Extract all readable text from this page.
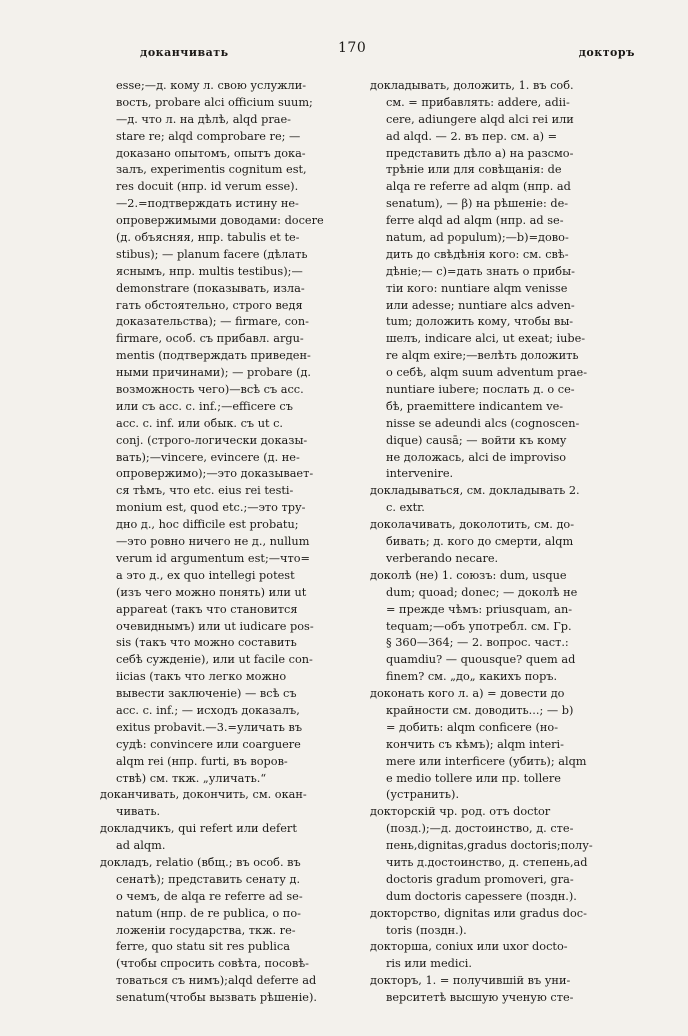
доканчивать	170	докторъ
esse;—д. кому л. свою услужли-
вость, probare alci officium suum;
—д. что л. на дѣлѣ, alqd prae-
stare re; alqd comprobare re; —
доказано опытомъ, опытъ дока-
залъ, experimentis cognitum est,
res docuit (нпр. id verum esse).
—2.=подтверждать истину не-
опровержимыми доводами: docere
(д. объясняя, нпр. tabulis et te-
stibus); — planum facere (дѣлать
яснымъ, нпр. multis testibus);—
demonstrare (показывать, изла-
гать обстоятельно, строго ведя
доказательства); — firmare, con-
firmare, особ. съ прибавл. argu-
mentis (подтверждать приведен-
ными причинами); — probare (д.
возможность чего)—всѣ съ acc.
или съ acc. c. inf.;—efficere съ
acc. c. inf. или обык. съ ut c.
conj. (строго-логически доказы-
вать);—vincere, evincere (д. не-
опровержимо);—это доказывает-
ся тѣмъ, что etc. eius rei testi-
monium est, quod etc.;—это тру-
дно д., hoc difficile est probatu;
—это ровно ничего не д., nullum
verum id argumentum est;—что=
а это д., ex quo intellegi potest
(изъ чего можно понять) или ut
appareat (такъ что становится
очевиднымъ) или ut iudicare pos-
sis (такъ что можно составить
себѣ сужденіе), или ut facile con-
iicias (такъ что легко можно
вывести заключеніе) — всѣ съ
acc. c. inf.; — исходъ доказалъ,
exitus probavit.—3.=уличать въ
судѣ: convincere или coarguere
alqm rei (нпр. furti, въ воров-
ствѣ) см. ткж. „уличать.“
доканчивать, докончить, см. окан-
чивать.
докладчикъ, qui refert или defert
ad alqm.
докладъ, relatio (вбщ.; въ особ. въ
сенатѣ); представить сенату д.
о чемъ, de alqa re referre ad se-
natum (нпр. de re publica, о по-
ложеніи государства, ткж. re-
ferre, quo statu sit res publica
(чтобы спросить совѣта, посовѣ-
товаться съ нимъ);alqd deferre ad
senatum(чтобы вызвать рѣшеніе).
докладывать, доложить, 1. въ соб.
см. = прибавлять: addere, adii-
cere, adiungere alqd alci rei или
ad alqd. — 2. въ пер. см. а) =
представить дѣло а) на разсмо-
трѣніе или для совѣщанія: de
alqa re referre ad alqm (нпр. ad
senatum), — β) на рѣшеніе: de-
ferre alqd ad alqm (нпр. ad se-
natum, ad populum);—b)=дово-
дить до свѣдѣнія кого: см. свѣ-
дѣніе;— с)=дать знать о прибы-
тіи кого: nuntiare alqm venisse
или adesse; nuntiare alcs adven-
tum; доложить кому, чтобы вы-
шелъ, indicare alci, ut exeat; iube-
re alqm exire;—велѣть доложить
о себѣ, alqm suum adventum prae-
nuntiare iubere; послать д. о се-
бѣ, praemittere indicantem ve-
nisse se adeundi alcs (cognoscen-
dique) causā; — войти къ кому
не доложась, alci de improviso
intervenire.
докладываться, см. докладывать 2.
c. extr.
доколачивать, доколотить, см. до-
бивать; д. кого до смерти, alqm
verberando necare.
доколѣ (не) 1. союзъ: dum, usque
dum; quoad; donec; — доколѣ не
= прежде чѣмъ: priusquam, an-
tequam;—объ употребл. см. Гр.
§ 360—364; — 2. вопрос. част.:
quamdiu? — quousque? quem ad
finem? см. „до„ какихъ поръ.
доконать кого л. а) = довести до
крайности см. доводить...; — b)
= добить: alqm conficere (но-
кончить съ кѣмъ); alqm interi-
mere или interficere (убить); alqm
e medio tollere или пр. tollere
(устранить).
докторскій чр. род. отъ doctor
(позд.);—д. достоинство, д. сте-
пень,dignitas,gradus doctoris;полу-
чить д.достоинство, д. степень,ad
doctoris gradum promoveri, gra-
dum doctoris capessere (поздн.).
докторство, dignitas или gradus doc-
toris (поздн.).
докторша, coniux или uxor docto-
ris или medici.
докторъ, 1. = получившій въ уни-
верситетѣ высшую ученую сте-
